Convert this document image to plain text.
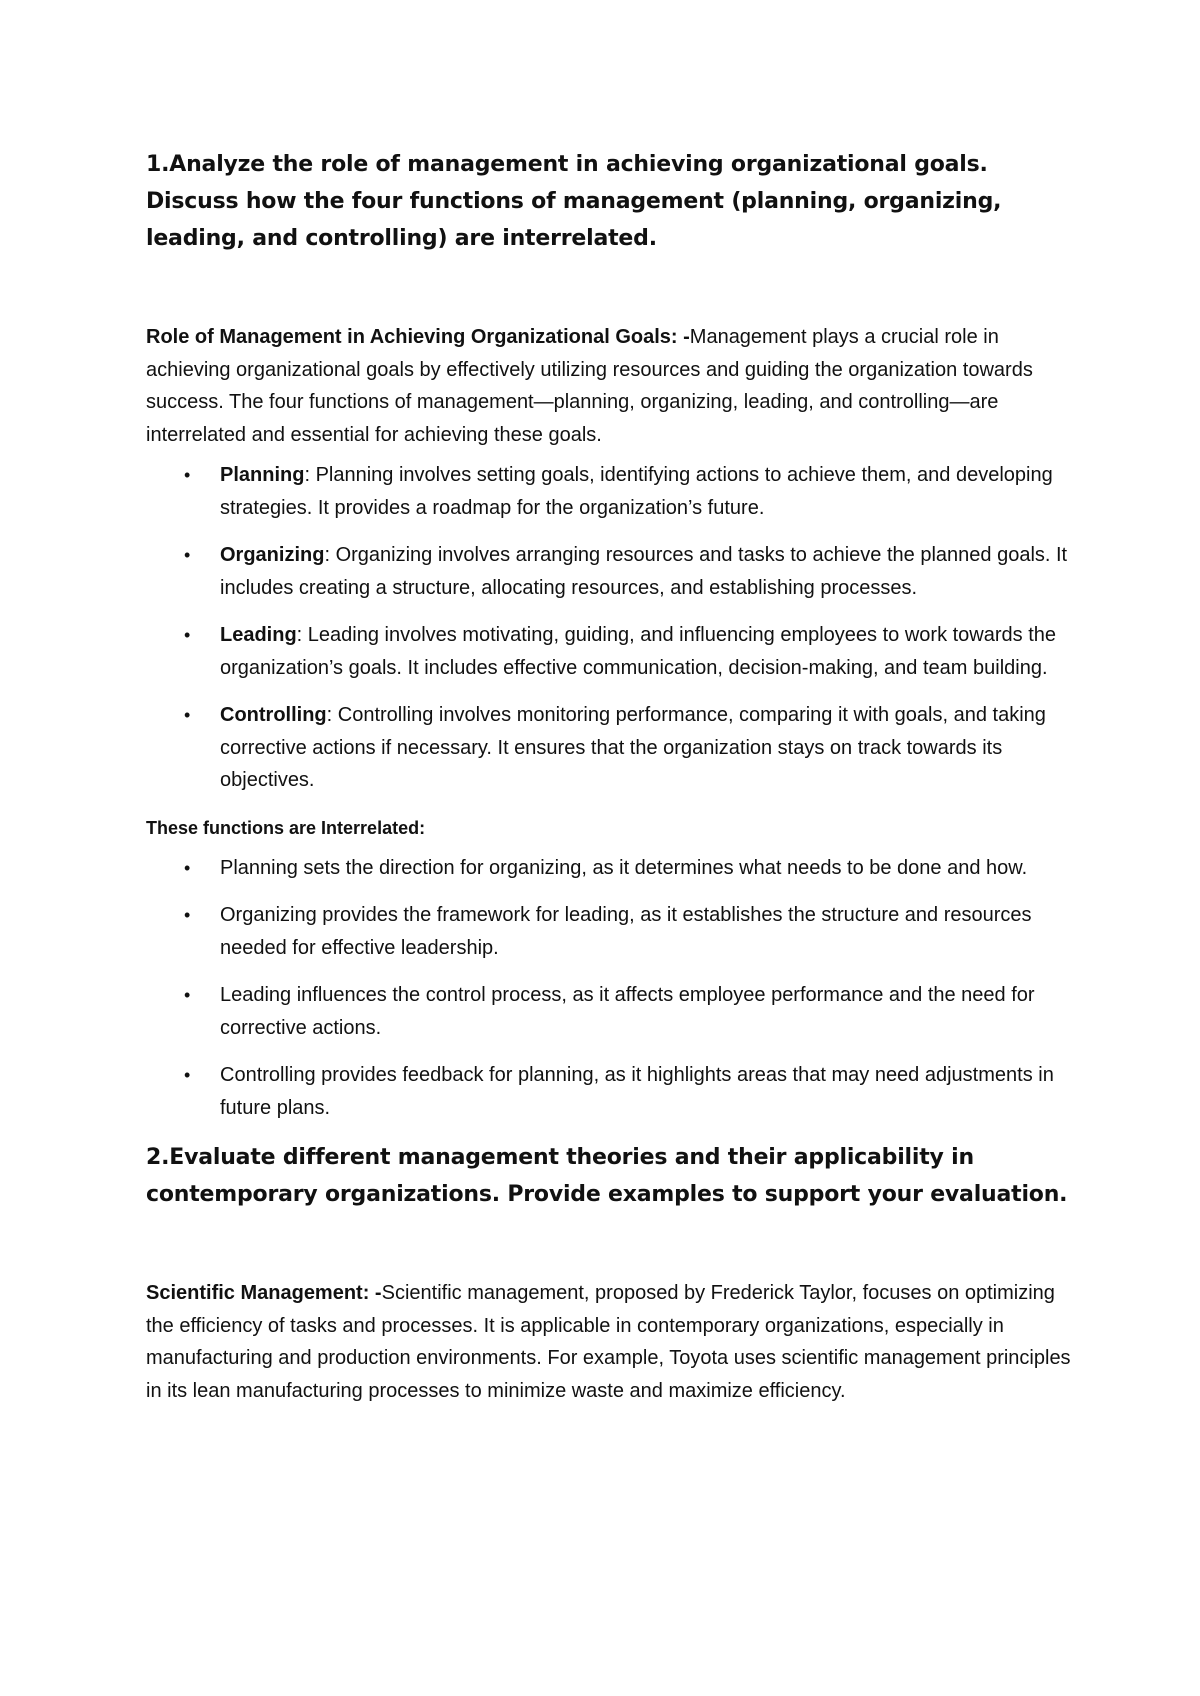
1.Analyze the role of management in achieving organizational goals. Discuss how the four functions of management (planning, organizing, leading, and controlling) are interrelated.

Role of Management in Achieving Organizational Goals: -Management plays a crucial role in achieving organizational goals by effectively utilizing resources and guiding the organization towards success. The four functions of management—planning, organizing, leading, and controlling—are interrelated and essential for achieving these goals.

• Planning: Planning involves setting goals, identifying actions to achieve them, and developing strategies. It provides a roadmap for the organization’s future.
• Organizing: Organizing involves arranging resources and tasks to achieve the planned goals. It includes creating a structure, allocating resources, and establishing processes.
• Leading: Leading involves motivating, guiding, and influencing employees to work towards the organization’s goals. It includes effective communication, decision-making, and team building.
• Controlling: Controlling involves monitoring performance, comparing it with goals, and taking corrective actions if necessary. It ensures that the organization stays on track towards its objectives.

These functions are Interrelated:

• Planning sets the direction for organizing, as it determines what needs to be done and how.
• Organizing provides the framework for leading, as it establishes the structure and resources needed for effective leadership.
• Leading influences the control process, as it affects employee performance and the need for corrective actions.
• Controlling provides feedback for planning, as it highlights areas that may need adjustments in future plans.
2.Evaluate different management theories and their applicability in contemporary organizations. Provide examples to support your evaluation.

Scientific Management: -Scientific management, proposed by Frederick Taylor, focuses on optimizing the efficiency of tasks and processes. It is applicable in contemporary organizations, especially in manufacturing and production environments. For example, Toyota uses scientific management principles in its lean manufacturing processes to minimize waste and maximize efficiency.
